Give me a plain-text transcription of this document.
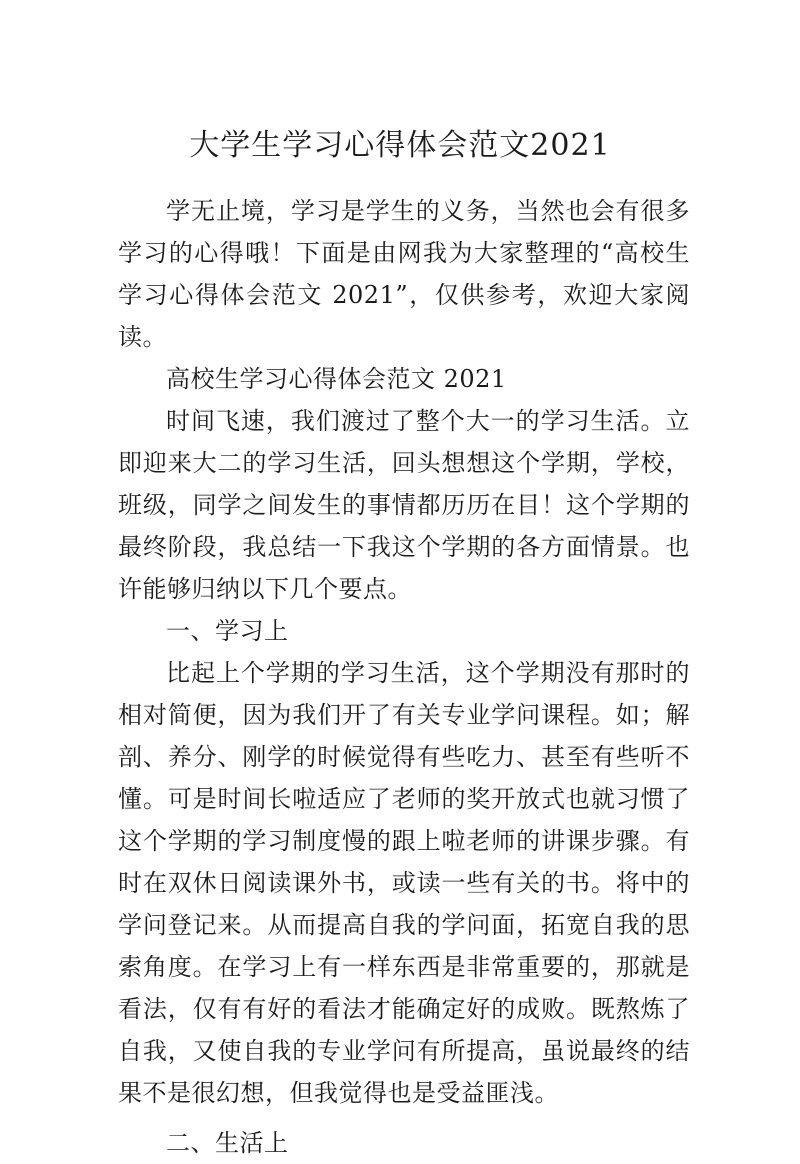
大学生学习心得体会范文2021

学无止境，学习是学生的义务，当然也会有很多学习的心得哦！下面是由网我为大家整理的“高校生学习心得体会范文 2021”，仅供参考，欢迎大家阅读。

高校生学习心得体会范文 2021

时间飞速，我们渡过了整个大一的学习生活。立即迎来大二的学习生活，回头想想这个学期，学校，班级，同学之间发生的事情都历历在目！这个学期的最终阶段，我总结一下我这个学期的各方面情景。也许能够归纳以下几个要点。

一、学习上

比起上个学期的学习生活，这个学期没有那时的相对简便，因为我们开了有关专业学问课程。如；解剖、养分、刚学的时候觉得有些吃力、甚至有些听不懂。可是时间长啦适应了老师的奖开放式也就习惯了这个学期的学习制度慢的跟上啦老师的讲课步骤。有时在双休日阅读课外书，或读一些有关的书。将中的学问登记来。从而提高自我的学问面，拓宽自我的思索角度。在学习上有一样东西是非常重要的，那就是看法，仅有有好的看法才能确定好的成败。既熬炼了自我，又使自我的专业学问有所提高，虽说最终的结果不是很幻想，但我觉得也是受益匪浅。

二、生活上
